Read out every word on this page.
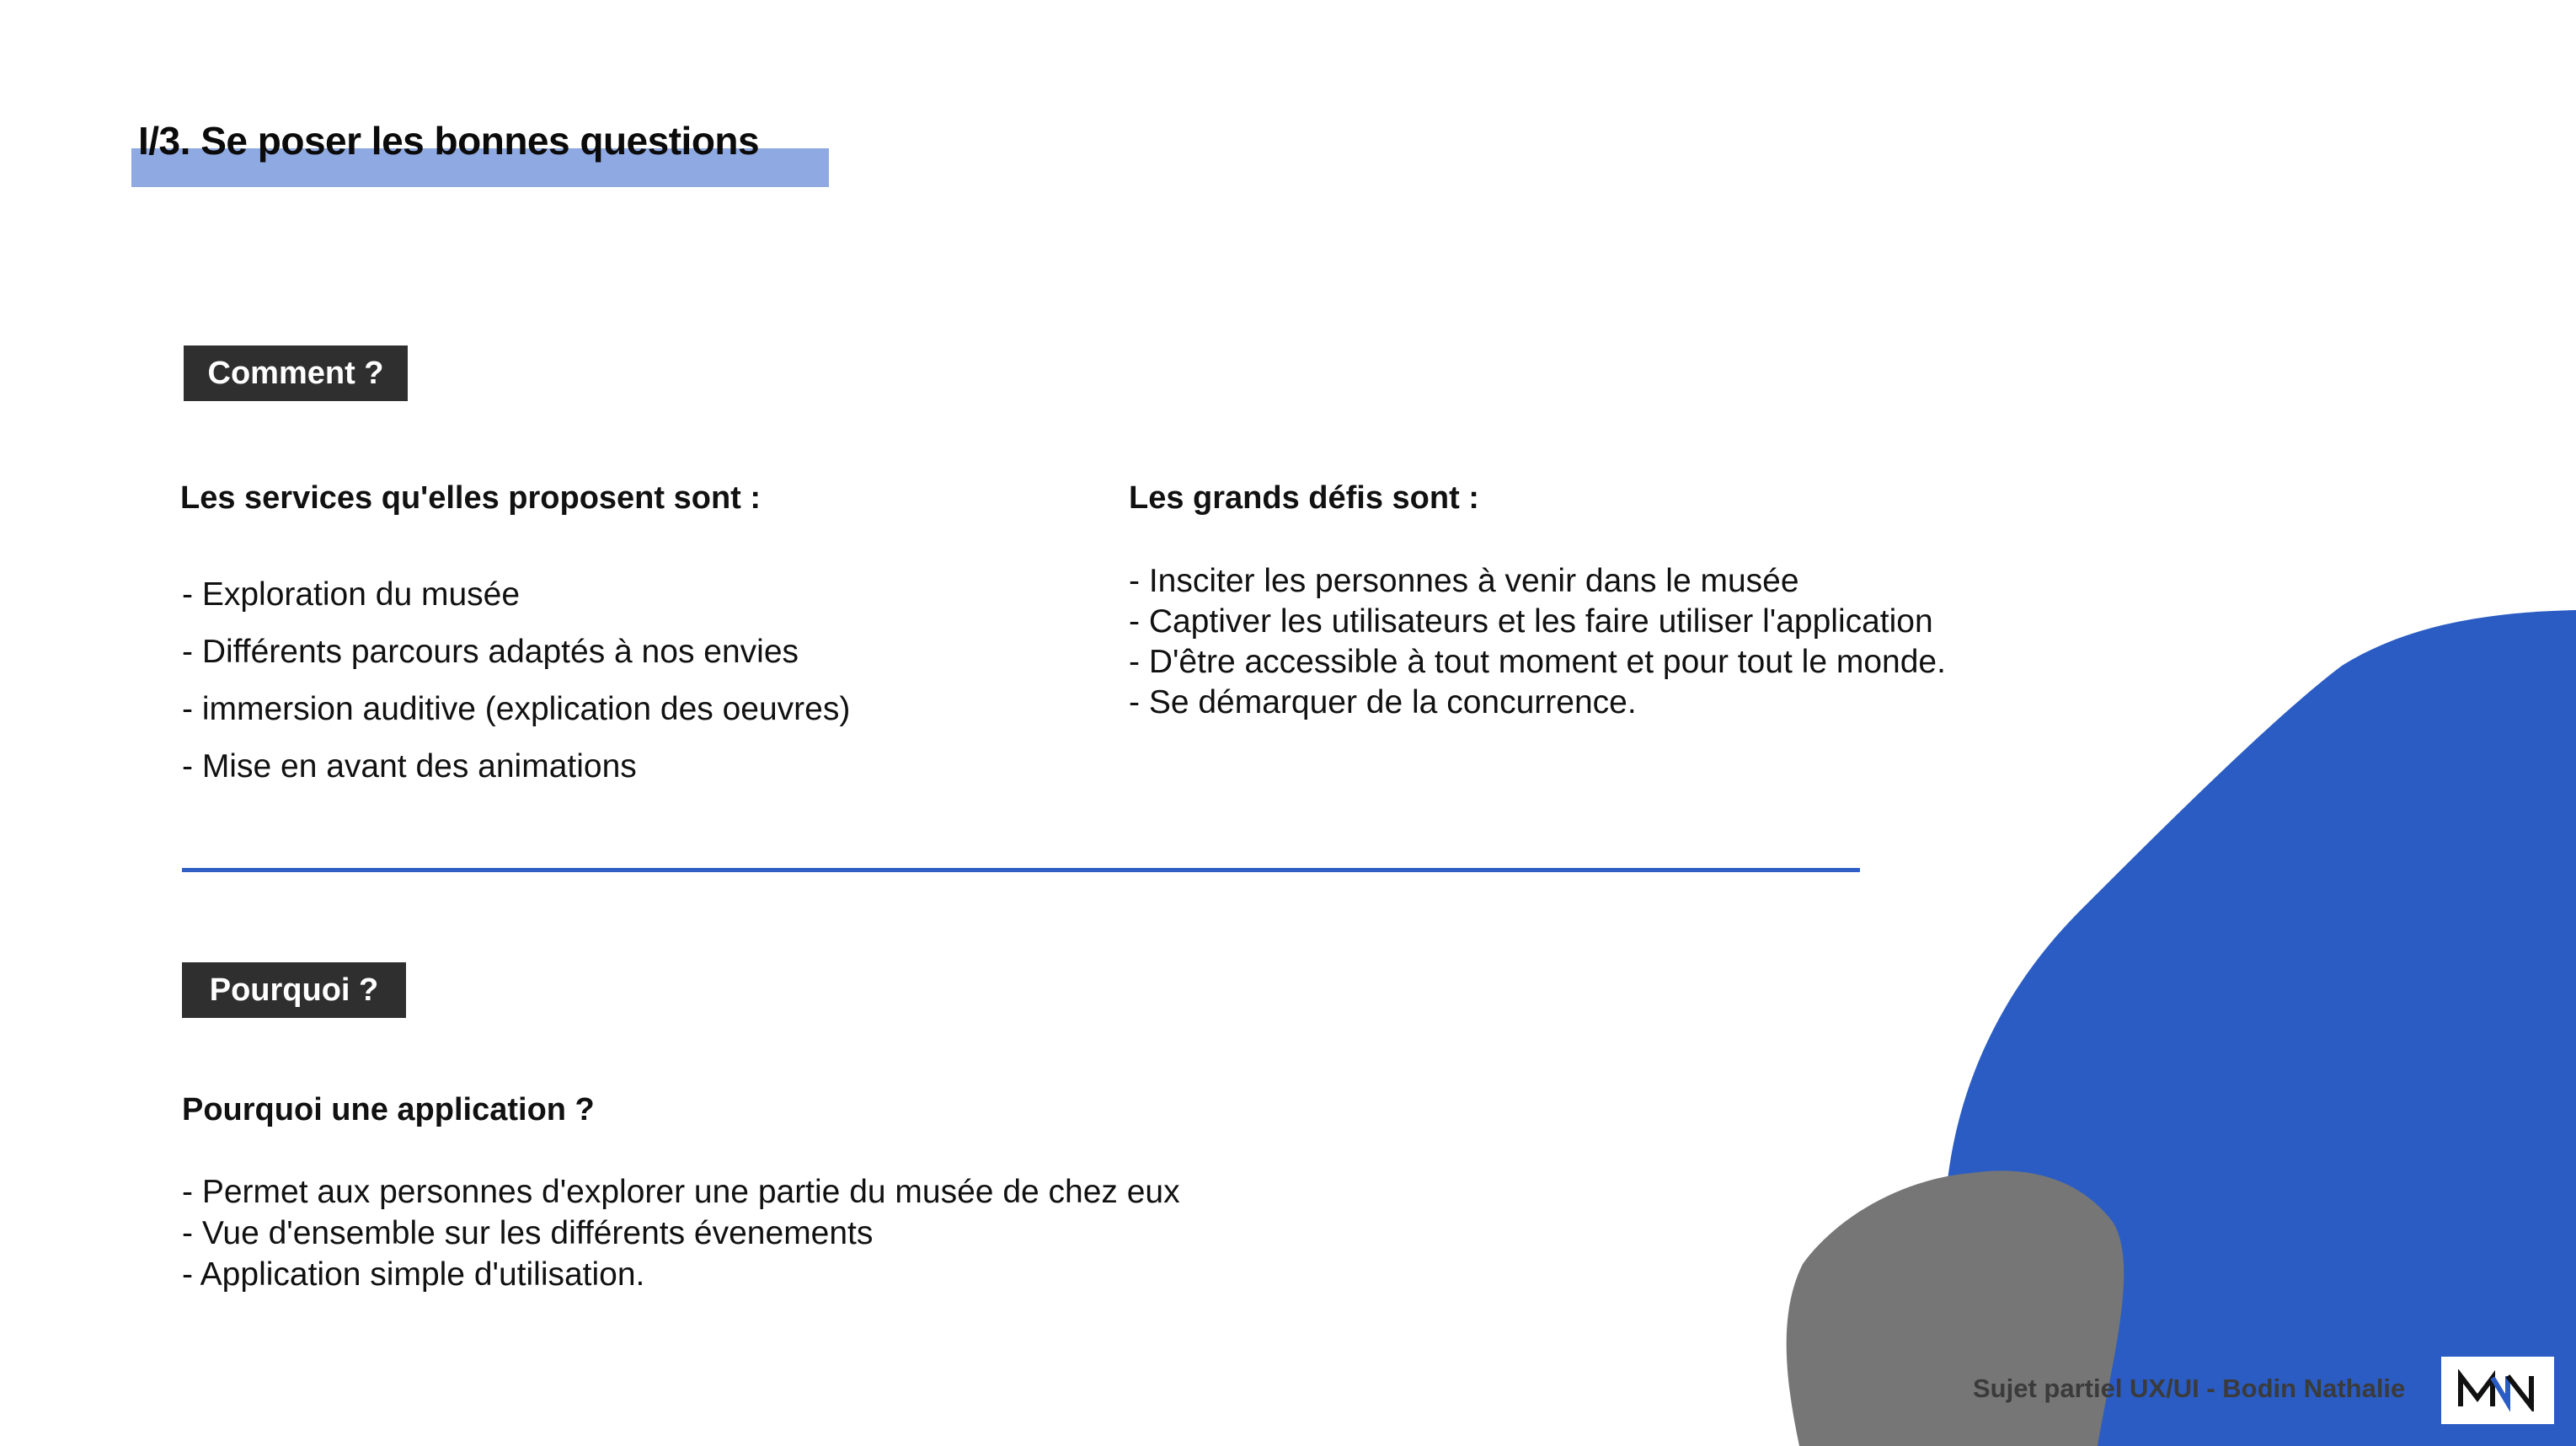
I/3. Se poser les bonnes questions
Comment ?
Les services qu'elles proposent sont :
- Exploration du musée
- Différents parcours adaptés à nos envies
- immersion auditive (explication des oeuvres)
- Mise en avant des animations
Les grands défis sont :
- Insciter les personnes à venir dans le musée
- Captiver les utilisateurs et les faire utiliser l'application
- D'être accessible à tout moment et pour tout le monde.
- Se démarquer de la concurrence.
Pourquoi ?
Pourquoi une application ?
- Permet aux personnes d'explorer une partie du musée de chez eux
- Vue d'ensemble sur les différents évenements
- Application simple d'utilisation.
Sujet partiel UX/UI - Bodin Nathalie
